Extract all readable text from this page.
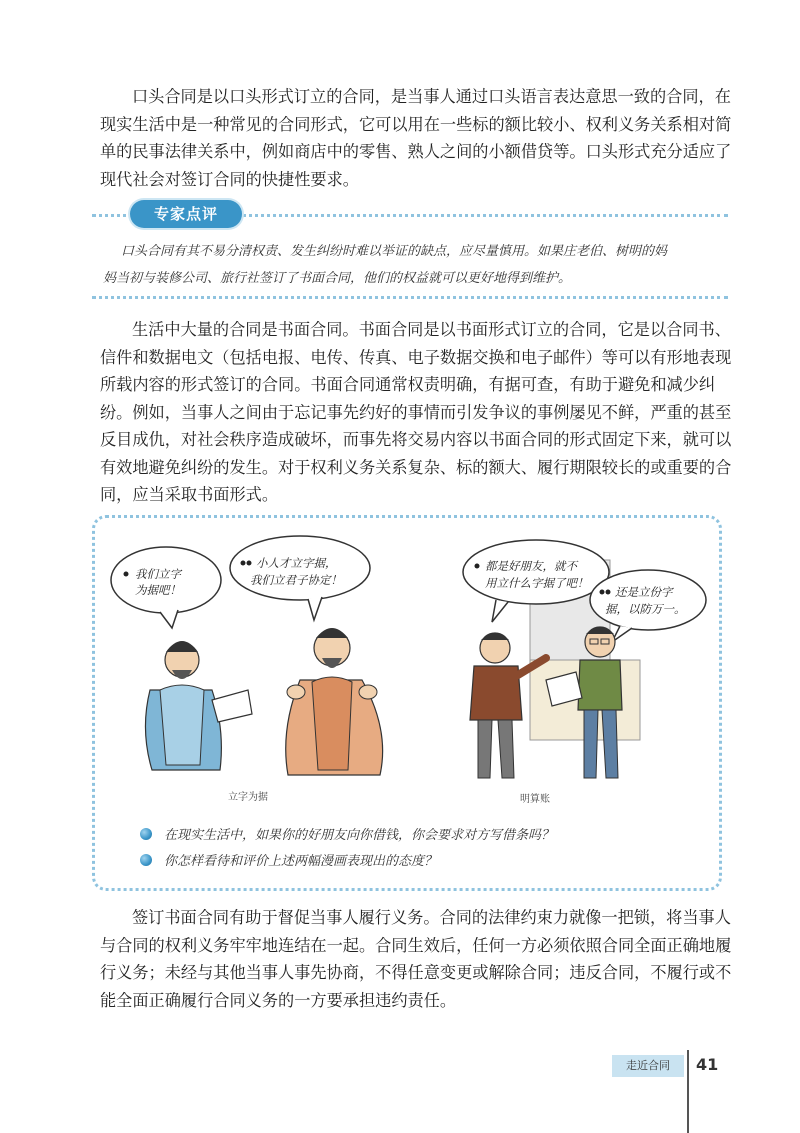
口头合同是以口头形式订立的合同，是当事人通过口头语言表达意思一致的合同，在
现实生活中是一种常见的合同形式，它可以用在一些标的额比较小、权利义务关系相对简
单的民事法律关系中，例如商店中的零售、熟人之间的小额借贷等。口头形式充分适应了
现代社会对签订合同的快捷性要求。
专家点评
口头合同有其不易分清权责、发生纠纷时难以举证的缺点，应尽量慎用。如果庄老伯、树明的妈
妈当初与装修公司、旅行社签订了书面合同，他们的权益就可以更好地得到维护。
生活中大量的合同是书面合同。书面合同是以书面形式订立的合同，它是以合同书、
信件和数据电文（包括电报、电传、传真、电子数据交换和电子邮件）等可以有形地表现
所载内容的形式签订的合同。书面合同通常权责明确，有据可查，有助于避免和减少纠
纷。例如，当事人之间由于忘记事先约好的事情而引发争议的事例屡见不鲜，严重的甚至
反目成仇，对社会秩序造成破坏，而事先将交易内容以书面合同的形式固定下来，就可以
有效地避免纠纷的发生。对于权利义务关系复杂、标的额大、履行期限较长的或重要的合
同，应当采取书面形式。
我们立字
为据吧！
小人才立字据，
我们立君子协定！
都是好朋友，就不
用立什么字据了吧！
还是立份字
据，以防万一。
立字为据	明算账
在现实生活中，如果你的好朋友向你借钱，你会要求对方写借条吗？
你怎样看待和评价上述两幅漫画表现出的态度？
签订书面合同有助于督促当事人履行义务。合同的法律约束力就像一把锁，将当事人
与合同的权利义务牢牢地连结在一起。合同生效后，任何一方必须依照合同全面正确地履
行义务；未经与其他当事人事先协商，不得任意变更或解除合同；违反合同，不履行或不
能全面正确履行合同义务的一方要承担违约责任。
走近合同	41
